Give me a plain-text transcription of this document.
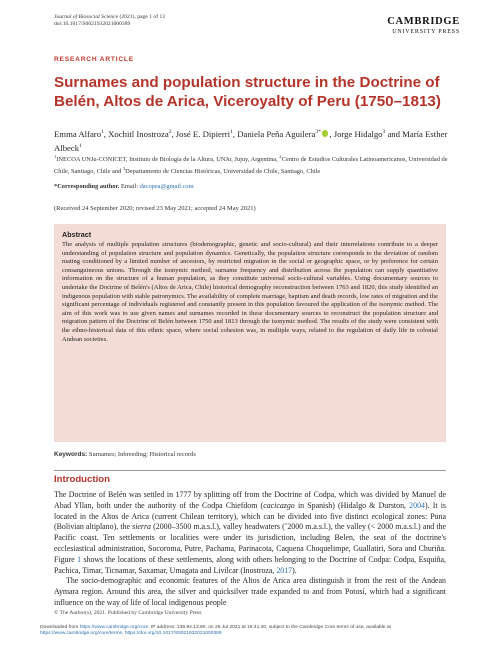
Journal of Biosocial Science (2021), page 1 of 13
doi:10.1017/S0021932021000389	CAMBRIDGE
UNIVERSITY PRESS
RESEARCH ARTICLE
Surnames and population structure in the Doctrine of Belén, Altos de Arica, Viceroyalty of Peru (1750–1813)
Emma Alfaro$^1$, Xochitl Inostroza$^2$, José E. Dipierri$^1$, Daniela Peña Aguilera$^{3*}$ , Jorge Hidalgo$^3$ and María Esther Albeck$^1$
$^1$INECOA UNJu-CONICET, Instituto de Biología de la Altura, UNJu, Jujuy, Argentina, $^2$Centro de Estudios Culturales Latinoamericanos, Universidad de Chile, Santiago, Chile and $^3$Departamento de Ciencias Históricas, Universidad de Chile, Santiago, Chile
*Corresponding author. Email: dacopea@gmail.com
(Received 24 September 2020; revised 23 May 2021; accepted 24 May 2021)
Abstract
The analysis of multiple population structures (biodemographic, genetic and socio-cultural) and their interrelations contribute to a deeper understanding of population structure and population dynamics. Genetically, the population structure corresponds to the deviation of random mating conditioned by a limited number of ancestors, by restricted migration in the social or geographic space, or by preference for certain consanguineous unions. Through the isonymic method, surname frequency and distribution across the population can supply quantitative information on the structure of a human population, as they constitute universal socio-cultural variables. Using documentary sources to undertake the Doctrine of Belén's (Altos de Arica, Chile) historical demography reconstruction between 1763 and 1820, this study identified an indigenous population with stable patronymics. The availability of complete marriage, baptism and death records, low rates of migration and the significant percentage of individuals registered and constantly present in this population favoured the application of the isonymic method. The aim of this work was to use given names and surnames recorded in these documentary sources to reconstruct the population structure and migration pattern of the Doctrine of Belén between 1750 and 1813 through the isonymic method. The results of the study were consistent with the ethno-historical data of this ethnic space, where social cohesion was, in multiple ways, related to the regulation of daily life in colonial Andean societies.
Keywords: Surnames; Inbreeding; Historical records
Introduction

The Doctrine of Belén was settled in 1777 by splitting off from the Doctrine of Codpa, which was divided by Manuel de Abad Yllan, both under the authority of the Codpa Chiefdom (cacicazgo in Spanish) (Hidalgo & Durston, 2004). It is located in the Altos de Arica (current Chilean territory), which can be divided into five distinct ecological zones: Puna (Bolivian altiplano), the sierra (2000–3500 m.a.s.l.), valley headwaters (˜2000 m.a.s.l.), the valley (< 2000 m.a.s.l.) and the Pacific coast. Ten settlements or localities were under its jurisdiction, including Belen, the seat of the doctrine's ecclesiastical administration, Socoroma, Putre, Pachama, Parinacota, Caquena Choquelimpe, Guallatiri, Sora and Churiña. Figure 1 shows the locations of these settlements, along with others belonging to the Doctrine of Codpa: Codpa, Esquiña, Pachica, Timar, Ticnamar, Saxamar, Umagata and Livilcar (Inostroza, 2017).

The socio-demographic and economic features of the Altos de Arica area distinguish it from the rest of the Andean Aymara region. Around this area, the silver and quicksilver trade expanded to and from Potosí, which had a significant influence on the way of life of local indigenous people

© The Author(s), 2021. Published by Cambridge University Press
Downloaded from https://www.cambridge.org/core. IP address: 138.94.13.80, on 26 Jul 2021 at 15:41:40, subject to the Cambridge Core terms of use, available at https://www.cambridge.org/core/terms. https://doi.org/10.1017/S0021932021000389
